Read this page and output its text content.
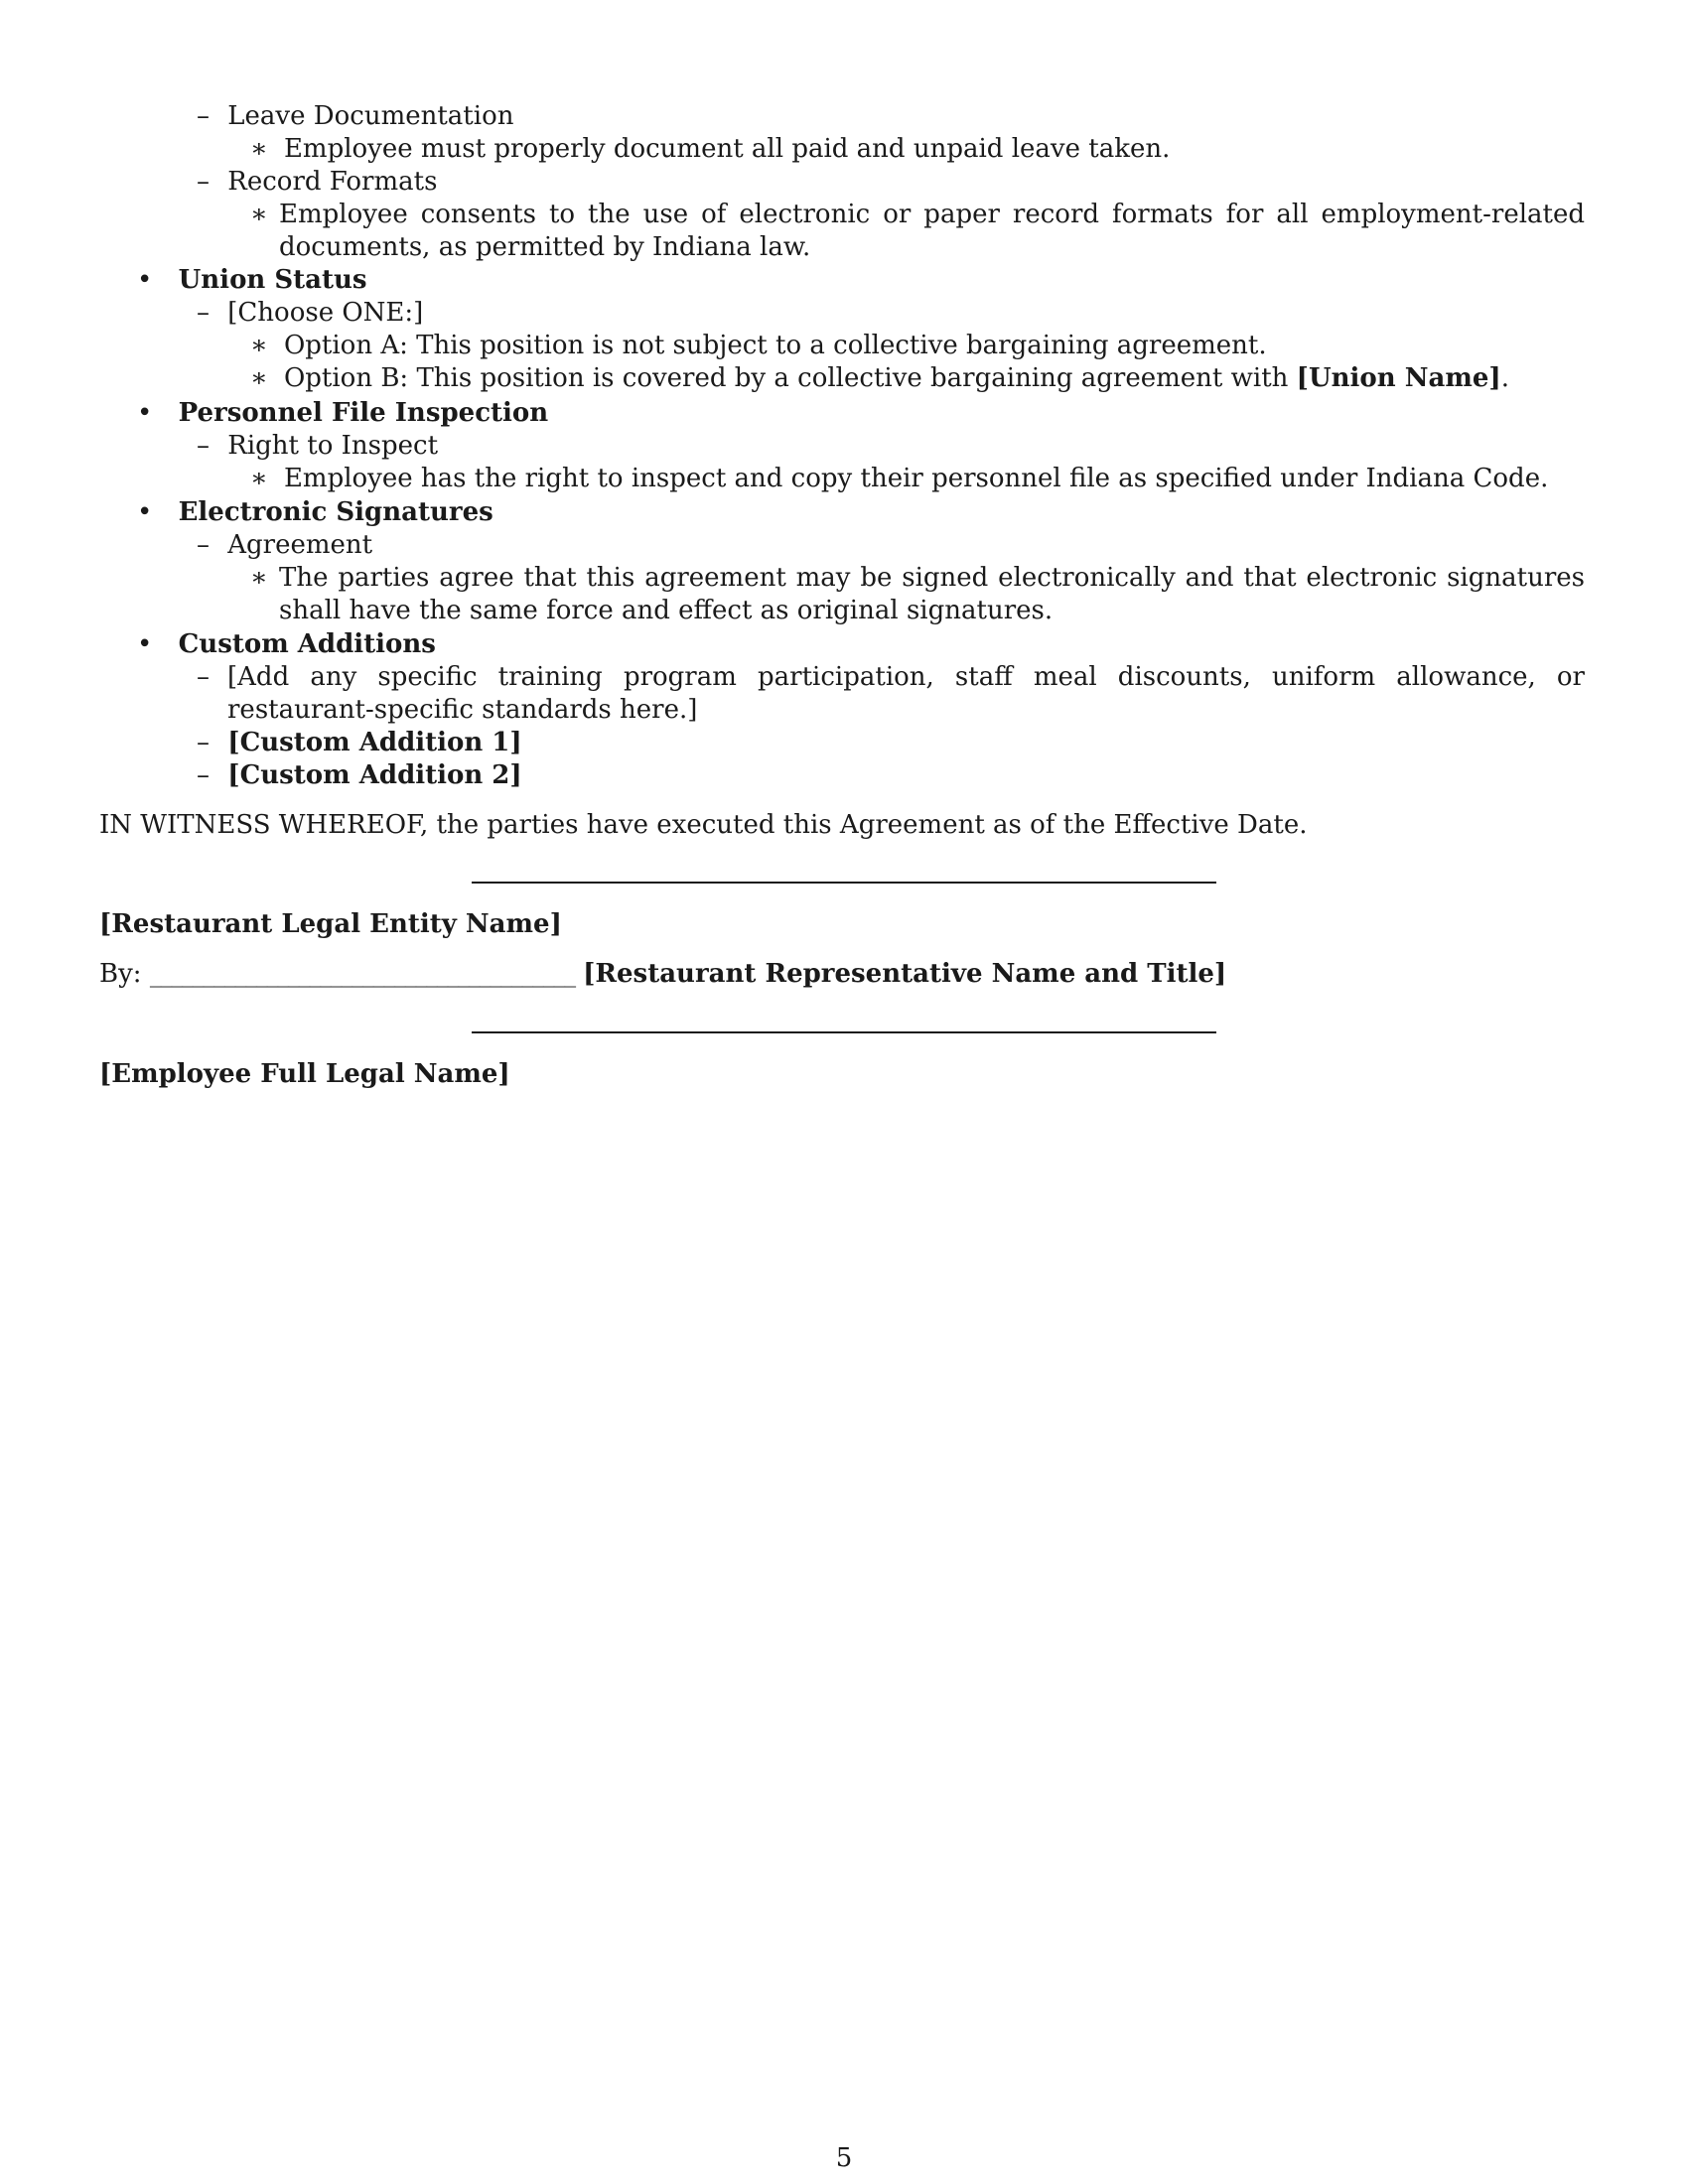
– Leave Documentation
∗ Employee must properly document all paid and unpaid leave taken.
– Record Formats
∗ Employee consents to the use of electronic or paper record formats for all employment-related documents, as permitted by Indiana law.
• Union Status
– [Choose ONE:]
∗ Option A: This position is not subject to a collective bargaining agreement.
∗ Option B: This position is covered by a collective bargaining agreement with [Union Name].
• Personnel File Inspection
– Right to Inspect
∗ Employee has the right to inspect and copy their personnel file as specified under Indiana Code.
• Electronic Signatures
– Agreement
∗ The parties agree that this agreement may be signed electronically and that electronic signatures shall have the same force and effect as original signatures.
• Custom Additions
– [Add any specific training program participation, staff meal discounts, uniform allowance, or restaurant-specific standards here.]
– [Custom Addition 1]
– [Custom Addition 2]
IN WITNESS WHEREOF, the parties have executed this Agreement as of the Effective Date.
[Restaurant Legal Entity Name]
By: ________________________________________ [Restaurant Representative Name and Title]
[Employee Full Legal Name]
5
